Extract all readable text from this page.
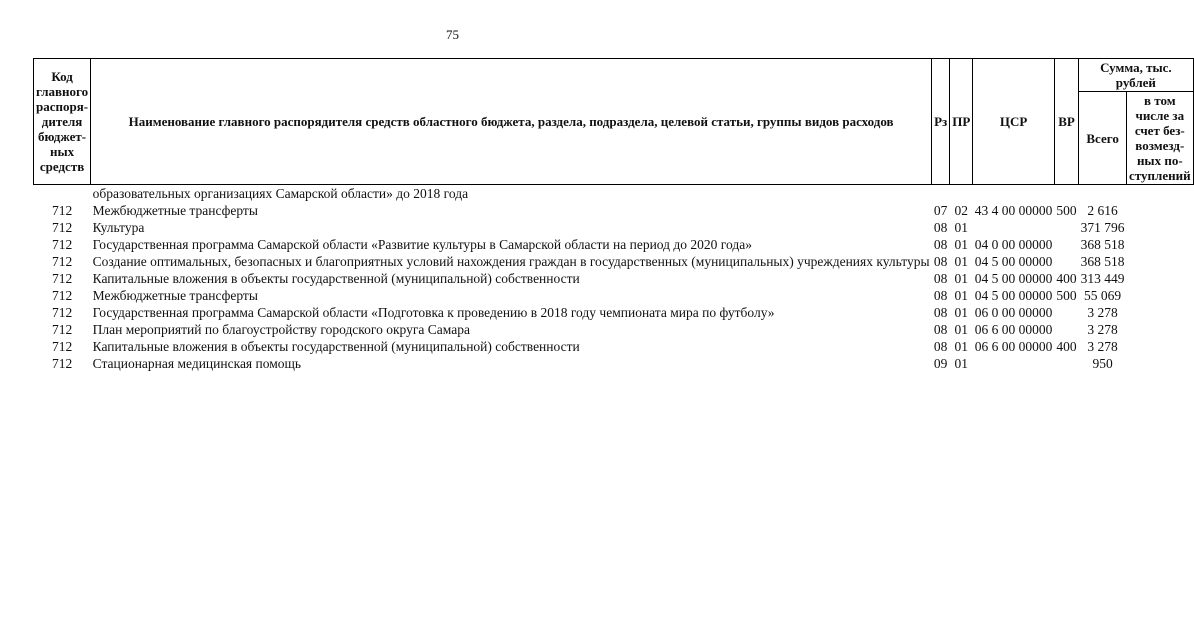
75
Код главного распоря-дителя бюджет-ных средств	Наименование главного распорядителя средств областного бюджета, раздела, подраздела, целевой статьи, группы видов расходов	Рз	ПР	ЦСР	ВР	Сумма, тыс. рублей	
						Всего	в том числе за счет без-возмезд-ных по-ступлений
	образовательных организациях Самарской области» до 2018 года						
712	Межбюджетные трансферты	07	02	43 4 00 00000	500	2 616	
712	Культура	08	01			371 796	
712	Государственная программа Самарской области «Развитие культуры в Самарской области на период до 2020 года»	08	01	04 0 00 00000		368 518	
712	Создание оптимальных, безопасных и благоприятных условий нахождения граждан в государственных (муниципальных) учреждениях культуры	08	01	04 5 00 00000		368 518	
712	Капитальные вложения в объекты государственной (муниципальной) собственности	08	01	04 5 00 00000	400	313 449	
712	Межбюджетные трансферты	08	01	04 5 00 00000	500	55 069	
712	Государственная программа Самарской области «Подготовка к проведению в 2018 году чемпионата мира по футболу»	08	01	06 0 00 00000		3 278	
712	План мероприятий по благоустройству городского округа Самара	08	01	06 6 00 00000		3 278	
712	Капитальные вложения в объекты государственной (муниципальной) собственности	08	01	06 6 00 00000	400	3 278	
712	Стационарная медицинская помощь	09	01			950	
